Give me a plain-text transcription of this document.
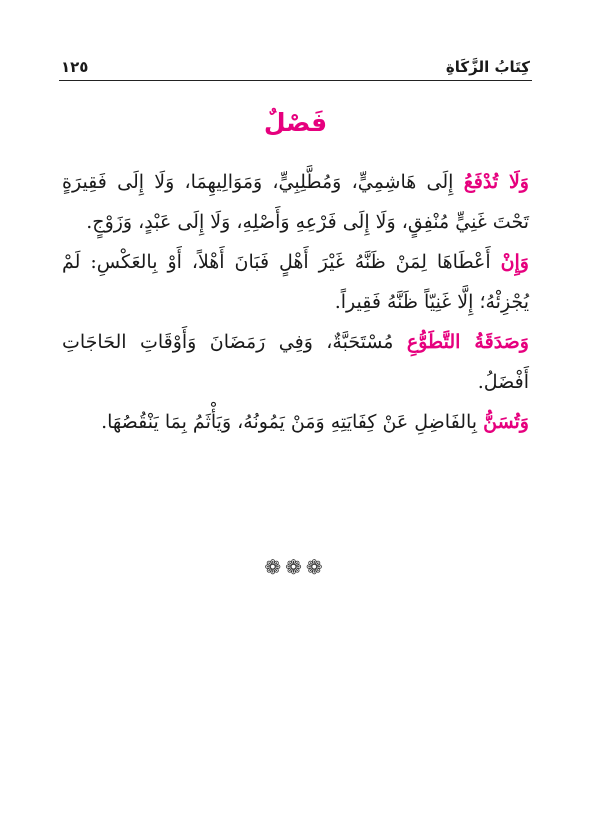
كِتَابُ الزَّكَاةِ
١٢٥
فَصْلٌ

وَلَا تُدْفَعُ إِلَى هَاشِمِيٍّ، وَمُطَّلِبِيٍّ، وَمَوَالِيهِمَا، وَلَا إِلَى فَقِيرَةٍ تَحْتَ غَنِيٍّ مُنْفِقٍ، وَلَا إِلَى فَرْعِهِ وَأَصْلِهِ، وَلَا إِلَى عَبْدٍ، وَزَوْجٍ.

وَإِنْ أَعْطَاهَا لِمَنْ ظَنَّهُ غَيْرَ أَهْلٍ فَبَانَ أَهْلاً، أَوْ بِالعَكْسِ: لَمْ يُجْزِئْهُ؛ إِلَّا غَنِيّاً ظَنَّهُ فَقِيراً.

وَصَدَقَةُ التَّطَوُّعِ مُسْتَحَبَّةٌ، وَفِي رَمَضَانَ وَأَوْقَاتِ الحَاجَاتِ أَفْضَلُ.

وَتُسَنُّ بِالفَاضِلِ عَنْ كِفَايَتِهِ وَمَنْ يَمُونُهُ، وَيَأْثَمُ بِمَا يَنْقُصُهَا.

❁❁❁
